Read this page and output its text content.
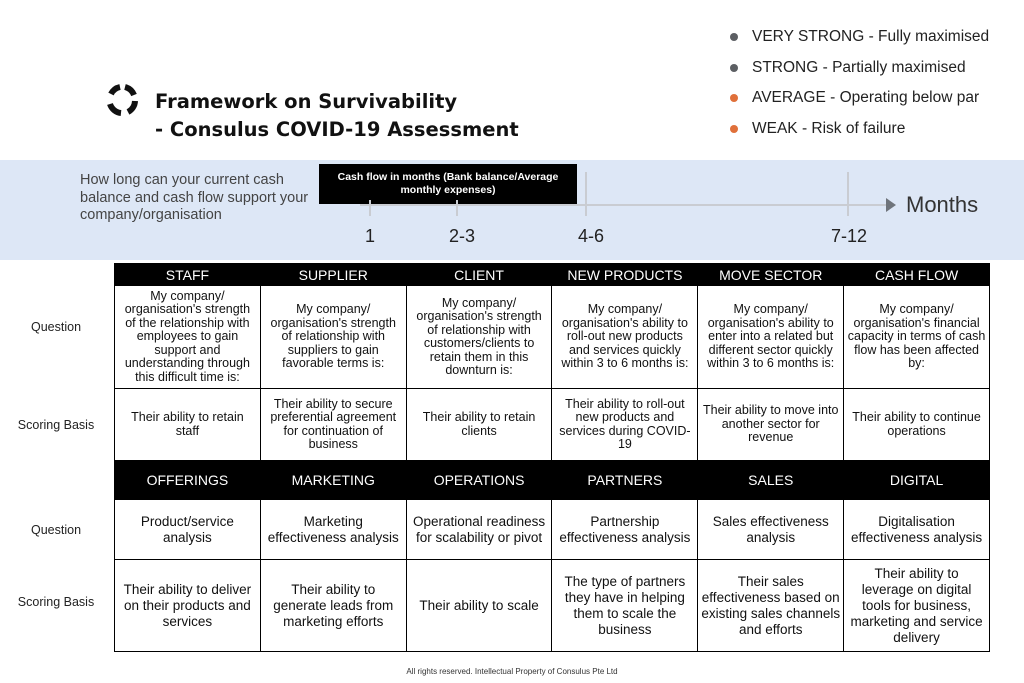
Framework on Survivability
- Consulus COVID-19 Assessment
VERY STRONG - Fully maximised
STRONG - Partially maximised
AVERAGE - Operating below par
WEAK - Risk of failure
How long can your current cash balance and cash flow support your company/organisation
Cash flow in months (Bank balance/Average monthly expenses)
Months
1	2-3	4-6	7-12
Question
Scoring Basis
Question
Scoring Basis
STAFF	SUPPLIER	CLIENT	NEW PRODUCTS	MOVE SECTOR	CASH FLOW
My company/ organisation's strength of the relationship with employees to gain support and understanding through this difficult time is:	My company/ organisation's strength of relationship with suppliers to gain favorable terms is:	My company/ organisation's strength of relationship with customers/clients to retain them in this downturn is:	My company/ organisation's ability to roll-out new products and services quickly within 3 to 6 months is:	My company/ organisation's ability to enter into a related but different sector quickly within 3 to 6 months is:	My company/ organisation's financial capacity in terms of cash flow has been affected by:
Their ability to retain staff	Their ability to secure preferential agreement for continuation of business	Their ability to retain clients	Their ability to roll-out new products and services during COVID-19	Their ability to move into another sector for revenue	Their ability to continue operations
OFFERINGS	MARKETING	OPERATIONS	PARTNERS	SALES	DIGITAL
Product/service analysis	Marketing effectiveness analysis	Operational readiness for scalability or pivot	Partnership effectiveness analysis	Sales effectiveness analysis	Digitalisation effectiveness analysis
Their ability to deliver on their products and services	Their ability to generate leads from marketing efforts	Their ability to scale	The type of partners they have in helping them to scale the business	Their sales effectiveness based on existing sales channels and efforts	Their ability to leverage on digital tools for business, marketing and service delivery
All rights reserved. Intellectual Property of Consulus Pte Ltd
